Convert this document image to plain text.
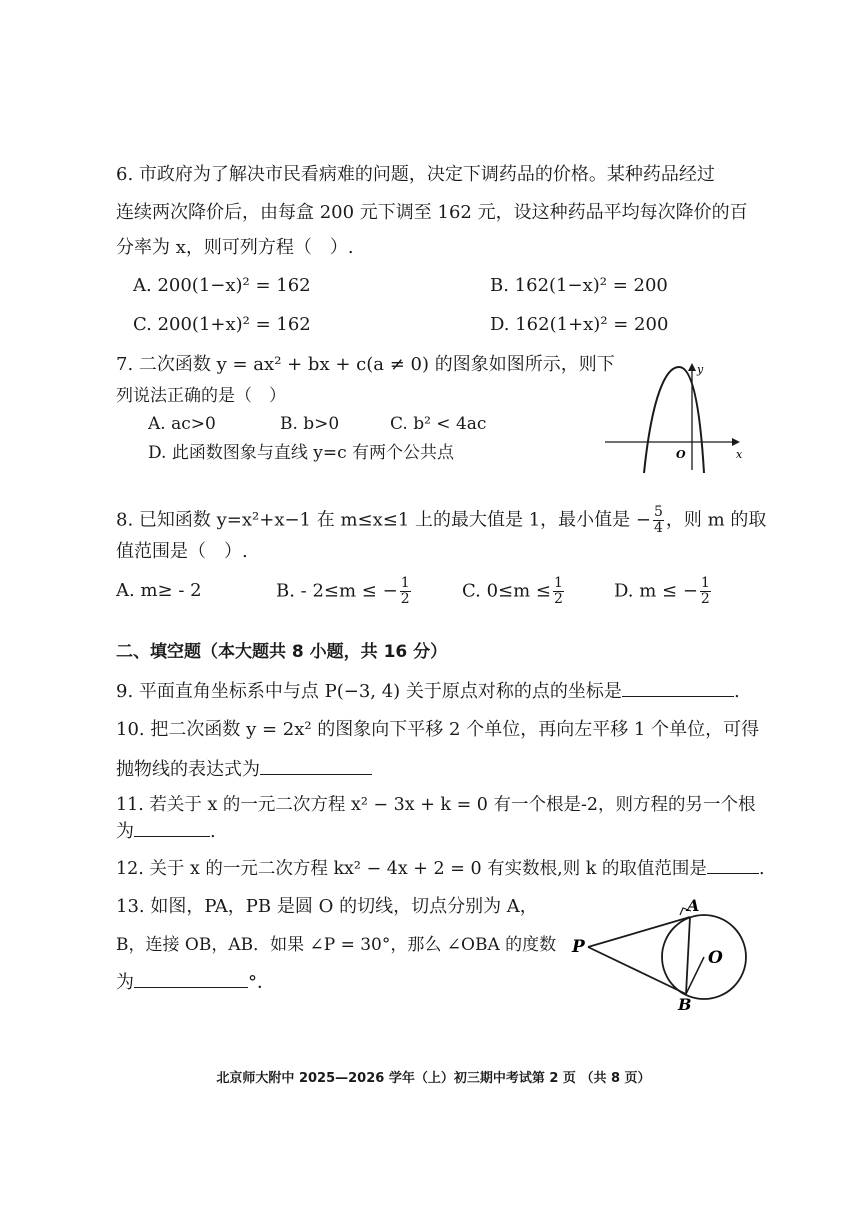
6. 市政府为了解决市民看病难的问题，决定下调药品的价格。某种药品经过
连续两次降价后，由每盒 200 元下调至 162 元，设这种药品平均每次降价的百
分率为 x，则可列方程（　）.
A. 200(1−x)² = 162	B. 162(1−x)² = 200
C. 200(1+x)² = 162	D. 162(1+x)² = 200
7. 二次函数 y = ax² + bx + c(a ≠ 0) 的图象如图所示，则下
列说法正确的是（　）
A. ac>0	B. b>0	C. b² < 4ac
D. 此函数图象与直线 y=c 有两个公共点
y
x
O
8. 已知函数 y=x²+x−1 在 m≤x≤1 上的最大值是 1，最小值是 − $\frac{5}{4}$ ，则 m 的取
值范围是（　）.
A. m≥ - 2	B. - 2≤m ≤ − $\frac{1}{2}$	C. $0\le m \le \frac{1}{2}$	D. m ≤ − $\frac{1}{2}$
二、填空题（本大题共 8 小题，共 16 分）
9. 平面直角坐标系中与点 P(−3, 4) 关于原点对称的点的坐标是	.
10. 把二次函数 y = 2x² 的图象向下平移 2 个单位，再向左平移 1 个单位，可得
抛物线的表达式为
11. 若关于 x 的一元二次方程 x² − 3x + k = 0 有一个根是-2，则方程的另一个根
为	.
12. 关于 x 的一元二次方程 kx² − 4x + 2 = 0 有实数根,则 k 的取值范围是	.
13. 如图，PA，PB 是圆 O 的切线，切点分别为 A，
B，连接 OB，AB．如果 ∠P = 30°，那么 ∠OBA 的度数
为	°．
P
A
B
O
北京师大附中 2025—2026 学年（上）初三期中考试第 2 页 （共 8 页）
